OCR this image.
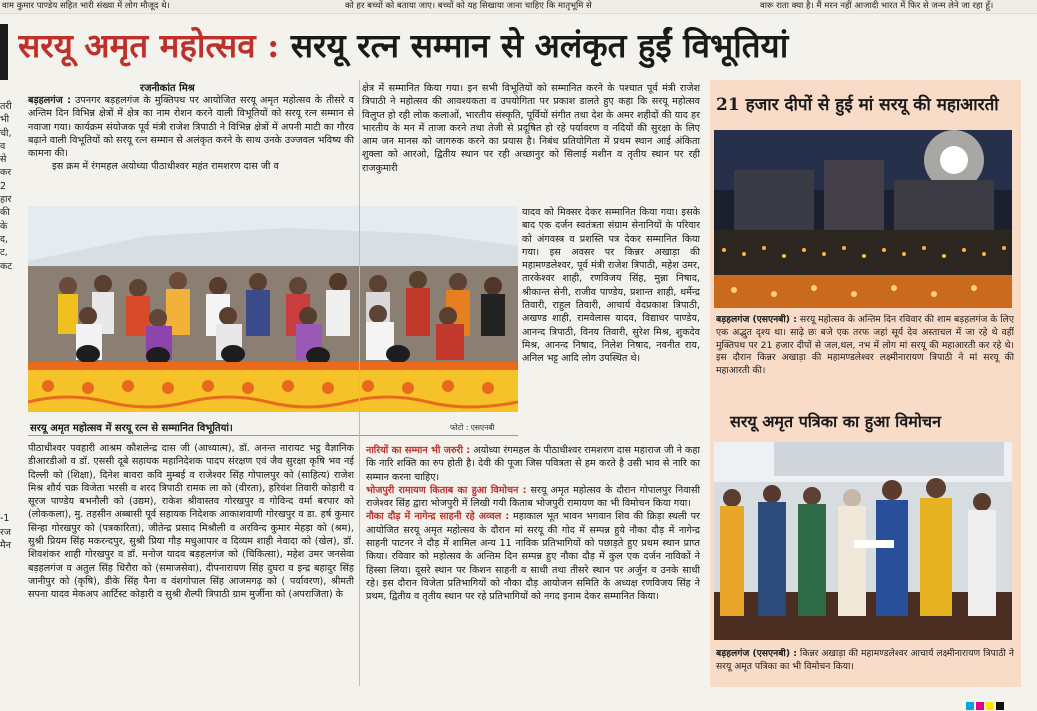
वाम कुमार पाण्डेय सहित भारी संख्या में लोग मौजूद थे।	को हर बच्चों को बताया जाए। बच्चों को यह सिखाया जाना चाहिए कि मातृभूमि से	वारू राता क्या है। मैं मरन नहीं आजादी भारत में फिर से जन्म लेने जा रहा हूँ।
सरयू अमृत महोत्सव : सरयू रत्न सम्मान से अलंकृत हुईं विभूतियां
तरी
भी
ची,
व
से
कर
2
हार
की
के
द,
ट,
कट

-1
रज
मैन
रजनीकांत मिश्र
बड़हलगंज : उपनगर बड़हलगंज के मुक्तिपथ पर आयोजित सरयू अमृत महोत्सव के तीसरे व अन्तिम दिन विभिन्न क्षेत्रों में क्षेत्र का नाम रोशन करने वाली विभूतियों को सरयू रत्न सम्मान से नवाजा गया। कार्यक्रम संयोजक पूर्व मंत्री राजेश त्रिपाठी ने विभिन्न क्षेत्रों में अपनी माटी का गौरव बढ़ाने वाली विभूतियों को सरयू रत्न सम्मान से अलंकृत करने के साथ उनके उज्जवल भविष्य की कामना की।
इस क्रम में रंगमहल अयोध्या पीठाधीश्वर महंत रामशरण दास जी व
क्षेत्र में सम्मानित किया गया। इन सभी विभूतियों को सम्मानित करने के पश्चात पूर्व मंत्री राजेश त्रिपाठी ने महोत्सव की आवश्यकता व उपयोगिता पर प्रकाश डालते हुए कहा कि सरयू महोत्सव विलुप्त हो रही लोक कलाओं, भारतीय संस्कृति, पूर्वियों संगीत तथा देश के अमर शहीदों की याद हर भारतीय के मन में ताजा करने तथा तेजी से प्रदूषित हो रहे पर्यावरण व नदियों की सुरक्षा के लिए आम जन मानस को जागरुक करने का प्रयास है। निबंध प्रतियोगिता में प्रथम स्थान आई अंकिता शुक्ला को आरओ, द्वितीय स्थान पर रही अच्छानुर को सिलाई मशीन व तृतीय स्थान पर रही राजकुमारी
यादव को मिक्सर देकर सम्मानित किया गया। इसके बाद एक दर्जन स्वतंत्रता संग्राम सेनानियों के परिवार को अंगवस्त्र व प्रशस्ति पत्र देकर सम्मानित किया गया। इस अवसर पर किन्नर अखाड़ा की महामण्डलेश्वर, पूर्व मंत्री राजेश त्रिपाठी, महेश उमर, तारकेश्वर शाही, रणविजय सिंह, मुन्ना निषाद, श्रीकान्त सेनी, राजीव पाण्डेय, प्रशान्त शाही, धर्मेन्द्र तिवारी, राहुल तिवारी, आचार्य वेदप्रकाश त्रिपाठी, अखण्ड शाही, रामवेलास यादव, विद्याधर पाण्डेय, आनन्द त्रिपाठी, विनय तिवारी, सुरेश मिश्र, शुकदेव मिश्र, आनन्द निषाद, निलेश निषाद, नवनीत राय, अनिल भट्ट आदि लोग उपस्थित थे।
सरयू अमृत महोत्सव में सरयू रत्न से सम्मानित विभूतियां।	फोटो : एसएनबी
पीठाधीश्वर पवहारी आश्रम कौशलेन्द्र दास जी (आध्यात्म), डॉ. अनन्त नारायट भट्ठ वैज्ञानिक डीआरडीओ व डॉ. एससी दूबे सहायक महानिदेशक पादप संरक्षण एवं जैव सुरक्षा कृषि भव नई दिल्ली को (शिक्षा), दिनेश बावरा कवि मुम्बई व राजेश्वर सिंह गोपालपुर को (साहित्य) राजेश मिश्र शौर्य चक्र विजेता भरसी व शरद त्रिपाठी रामक ला को (वीरता), हरिवंश तिवारी कोड़ारी व सूरज पाण्डेय बभनौली को (उद्यम), राकेश श्रीवास्तव गोरखपुर व गोविन्द वर्मा बरपार को (लोककला), मु. तहसीन अब्बासी पूर्व सहायक निदेशक आकाशवाणी गोरखपुर व डा. हर्ष कुमार सिन्हा गोरखपुर को (पत्रकारिता), जीतेन्द्र प्रसाद मिश्रौली व अरविन्द कुमार मेहड़ा को (श्रम), सुश्री प्रियम सिंह मकरन्दपुर, सुश्री प्रिया गौड़ मधुआपार व दिव्यम शाही नेवादा को (खेल), डॉ. शिवशंकर शाही गोरखपुर व डॉ. मनोज यादव बड़हलगंज को (चिकित्सा), महेश उमर जनसेवा बड़हलगंज व अतुल सिंह धिरौरा को (समाजसेवा), दीपनारायण सिंह दुघरा व इन्द्र बहादुर सिंह जानीपुर को (कृषि), डीके सिंह पैना व वंशगोपाल सिंह आजमगढ़ को ( पर्यावरण), श्रीमती सपना यादव मेकअप आर्टिस्ट कोड़ारी व सुश्री शैल्पी त्रिपाठी ग्राम मुर्जीना को (अपराजिता) के
नारियों का सम्मान भी जरुरी : अयोध्या रंगमहल के पीठाधीश्वर रामशरण दास महाराज जी ने कहा कि नारि शक्ति का रुप होती है। देवी की पूजा जिस पवित्रता से हम करते है उसी भाव से नारि का सम्मान करना चाहिए।
भोजपुरी रामायण किताब का हुआ विमोचन : सरयू अमृत महोत्सव के दौरान गोपालपुर निवासी राजेश्वर सिंह द्वारा भोजपुरी में लिखी गयी किताब भोजपुरी रामायण का भी विमोचन किया गया।
नौका दौड़ में नागेन्द्र साहनी रहे अव्वल : महाकाल भूत भावन भगवान शिव की क्रिड़ा स्थली पर आयोजित सरयू अमृत महोत्सव के दौरान मां सरयू की गोद में सम्पन्न हुये नौका दौड़ में नागेन्द्र साहनी पाटनर ने दौड़ में शामिल अन्य 11 नाविक प्रतिभागियों को पछाड़ते हुए प्रथम स्थान प्राप्त किया। रविवार को महोत्सव के अन्तिम दिन सम्पन्न हुए नौका दौड़ में कुल एक दर्जन नाविकों ने हिस्सा लिया। दूसरे स्थान पर किशन साहनी व साथी तथा तीसरे स्थान पर अर्जुन व उनके साथी रहे। इस दौरान विजेता प्रतिभागियों को नौका दौड़ आयोजन समिति के अध्यक्ष रणविजय सिंह ने प्रथम, द्वितीय व तृतीय स्थान पर रहे प्रतिभागियों को नगद इनाम देकर सम्मानित किया।
21 हजार दीपों से हुई मां सरयू की महाआरती
बड़हलगंज (एसएनबी) : सरयू महोत्सव के अन्तिम दिन रविवार की शाम बड़हलगंज के लिए एक अद्भुत दृश्य था। साढ़े छः बजे एक तरफ जहां सूर्य देव अस्ताचल में जा रहे थे वहीं मुक्तिपथ पर 21 हजार दीपों से जल,थल, नभ में लोग मां सरयू की महाआरती कर रहे थे। इस दौरान किन्नर अखाड़ा की महामण्डलेश्वर लक्ष्मीनारायण त्रिपाठी ने मां सरयू की महाआरती की।
सरयू अमृत पत्रिका का हुआ विमोचन
बड़हलगंज (एसएनबी) : किन्नर अखाड़ा की महामण्डलेश्वर आचार्य लक्ष्मीनारायण त्रिपाठी ने सरयू अमृत पत्रिका का भी विमोचन किया।
